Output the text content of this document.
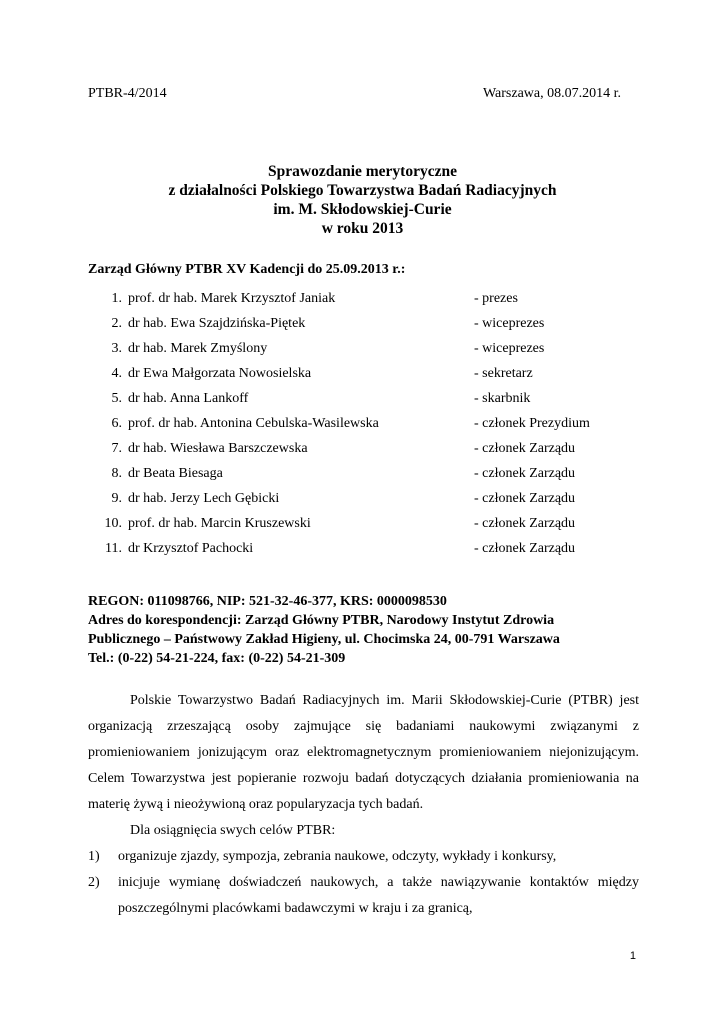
PTBR-4/2014	Warszawa, 08.07.2014 r.
Sprawozdanie merytoryczne
z działalności Polskiego Towarzystwa Badań Radiacyjnych
im. M. Skłodowskiej-Curie
w roku 2013
Zarząd Główny PTBR XV Kadencji do 25.09.2013 r.:
1. prof. dr hab. Marek Krzysztof Janiak	- prezes
2. dr hab. Ewa Szajdzińska-Piętek	- wiceprezes
3. dr hab. Marek Zmyślony	- wiceprezes
4. dr Ewa Małgorzata Nowosielska	- sekretarz
5. dr hab. Anna Lankoff	- skarbnik
6. prof. dr hab. Antonina Cebulska-Wasilewska	- członek Prezydium
7. dr hab. Wiesława Barszczewska	- członek Zarządu
8. dr Beata Biesaga	- członek Zarządu
9. dr hab. Jerzy Lech Gębicki	- członek Zarządu
10. prof. dr hab. Marcin Kruszewski	- członek Zarządu
11. dr Krzysztof Pachocki	- członek Zarządu
REGON: 011098766, NIP: 521-32-46-377, KRS: 0000098530
Adres do korespondencji: Zarząd Główny PTBR, Narodowy Instytut Zdrowia
Publicznego – Państwowy Zakład Higieny, ul. Chocimska 24, 00-791 Warszawa
Tel.: (0-22) 54-21-224, fax: (0-22) 54-21-309
Polskie Towarzystwo Badań Radiacyjnych im. Marii Skłodowskiej-Curie (PTBR) jest
organizacją zrzeszającą osoby zajmujące się badaniami naukowymi związanymi z
promieniowaniem jonizującym oraz elektromagnetycznym promieniowaniem niejonizującym.
Celem Towarzystwa jest popieranie rozwoju badań dotyczących działania promieniowania na
materię żywą i nieożywioną oraz popularyzacja tych badań.
Dla osiągnięcia swych celów PTBR:
1) organizuje zjazdy, sympozja, zebrania naukowe, odczyty, wykłady i konkursy,
2) inicjuje wymianę doświadczeń naukowych, a także nawiązywanie kontaktów między
poszczególnymi placówkami badawczymi w kraju i za granicą,
1
